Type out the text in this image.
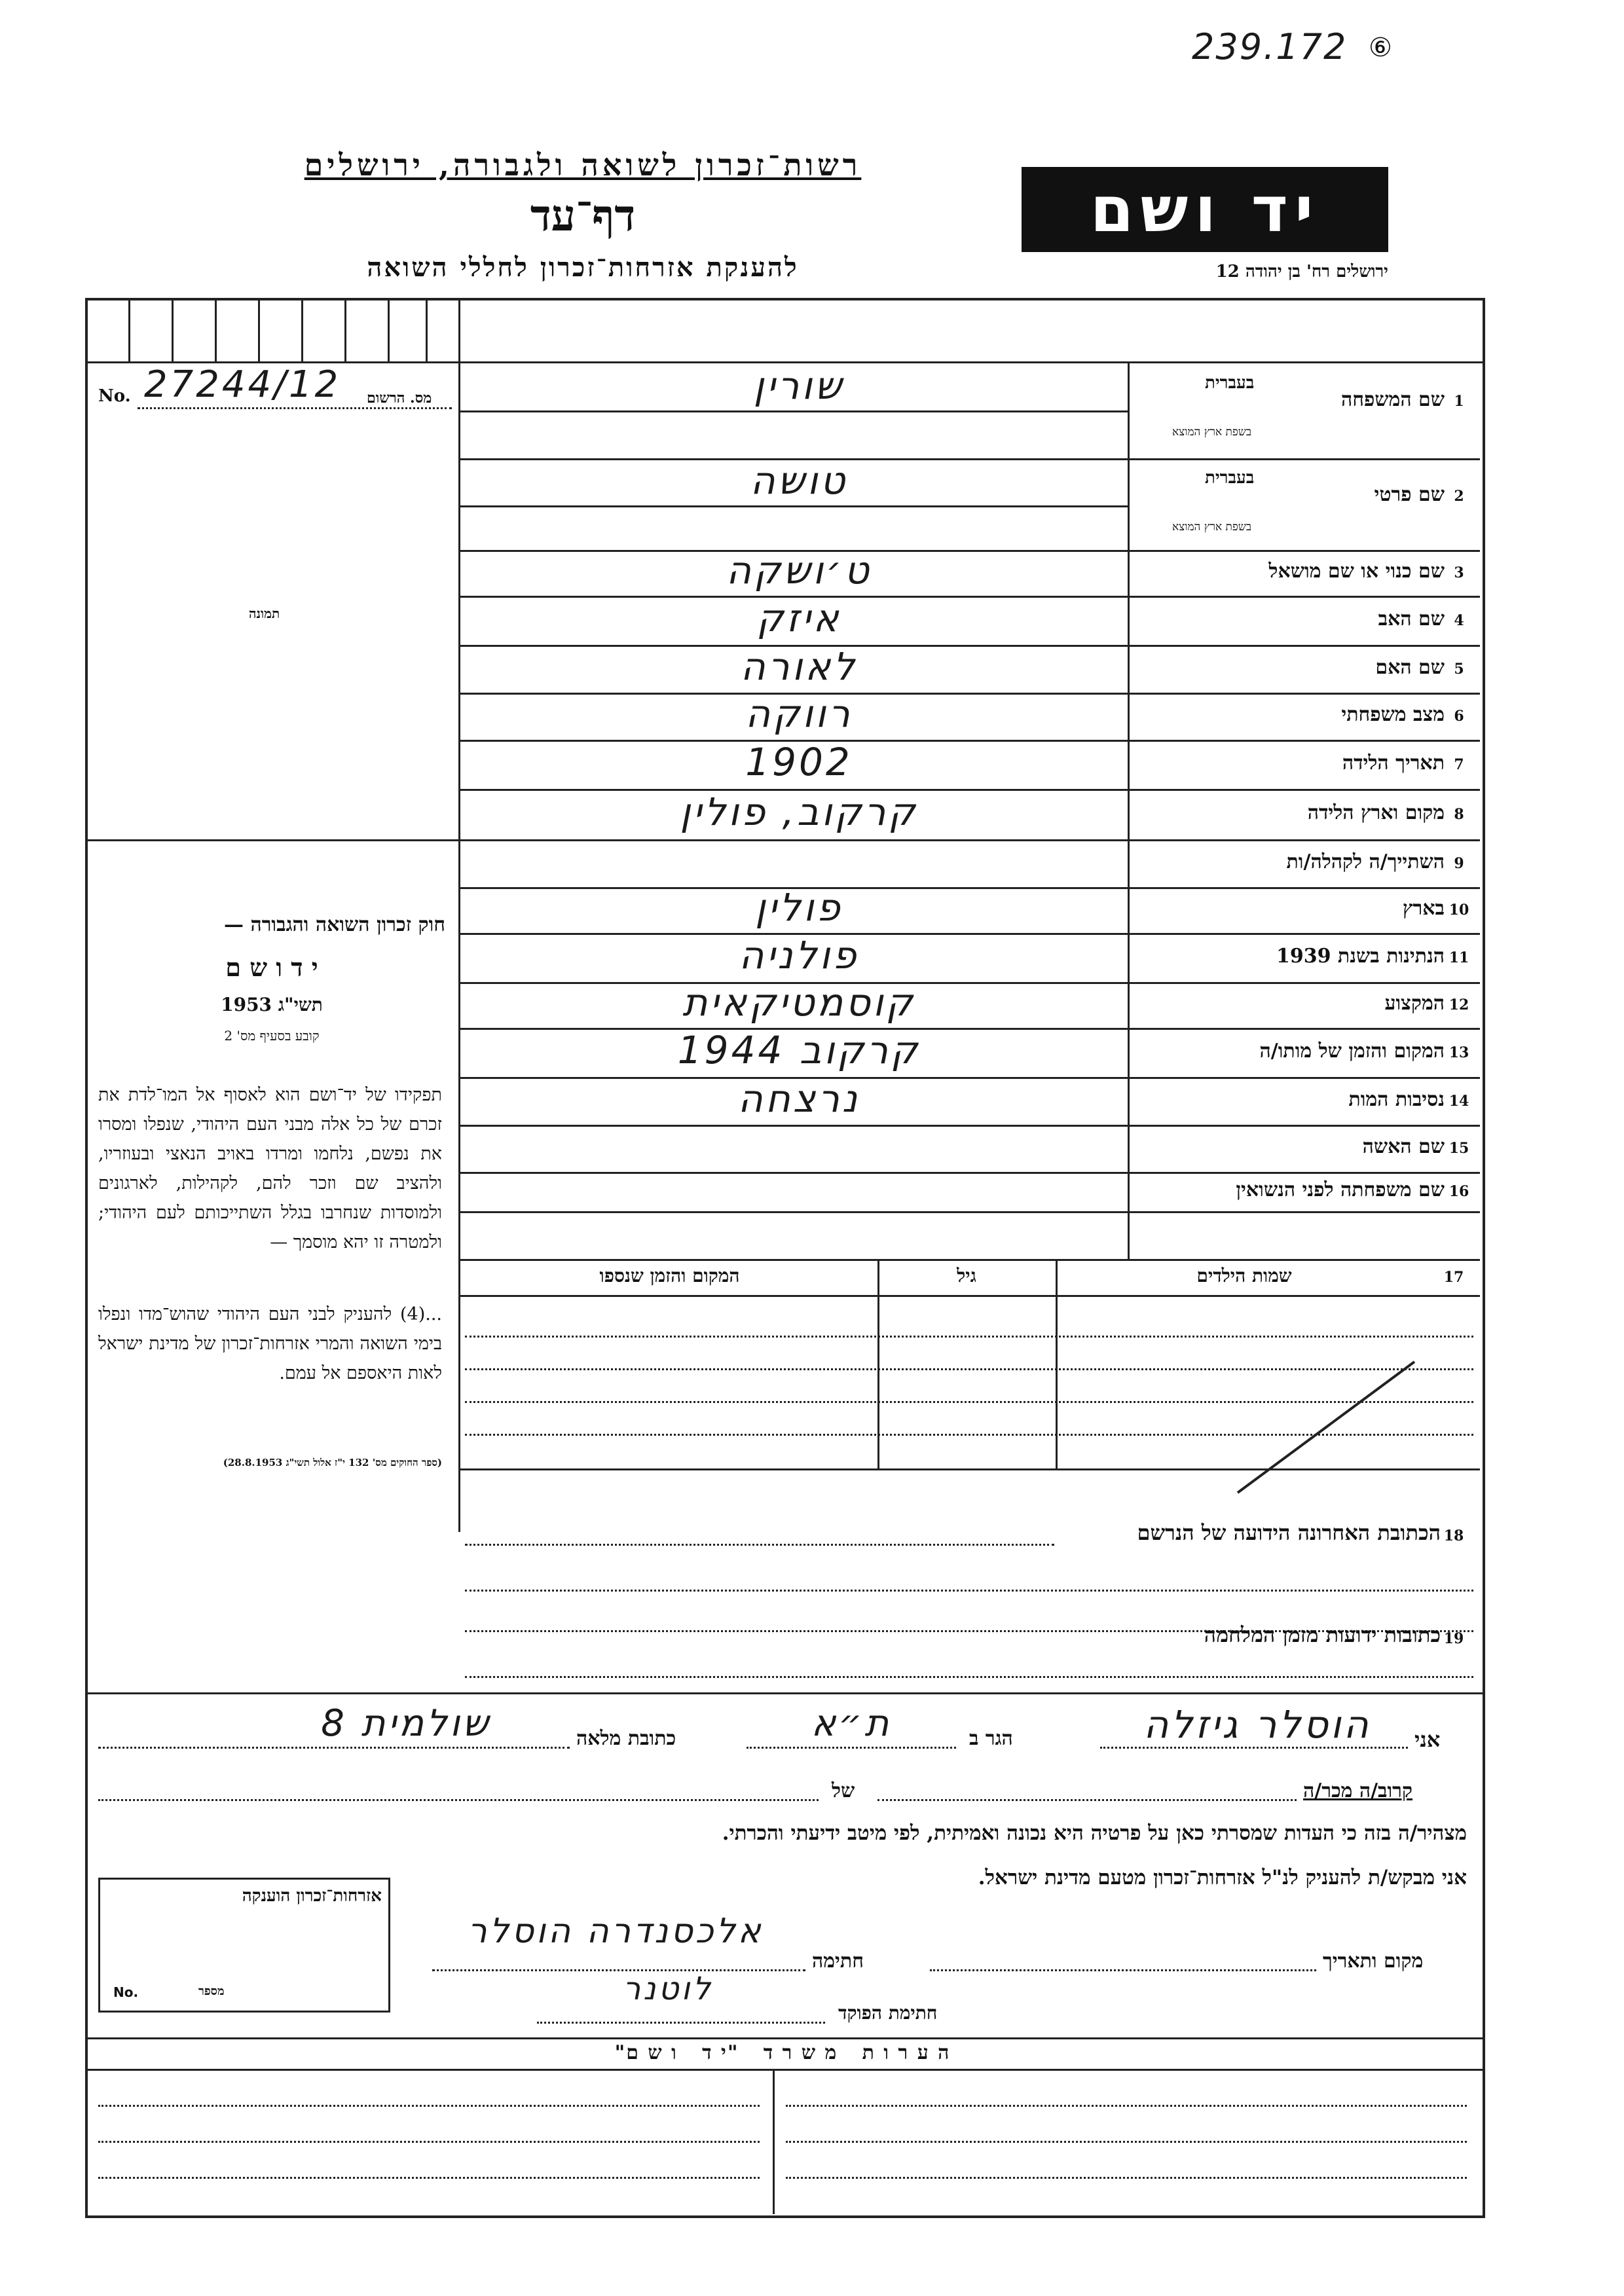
239.172 ⑥
רשות־זכרון לשואה ולגבורה, ירושלים
דף־עד
להענקת אזרחות־זכרון לחללי השואה
יד ושם
ירושלים רח' בן יהודה 12
No. 27244/12 מס. הרשום
תמונה
חוק זכרון השואה והגבורה —
י ד ו ש ם
תשי"ג 1953
קובע בסעיף מס' 2
תפקידו של יד־ושם הוא לאסוף אל המו־לדת את זכרם של כל אלה מבני העם היהודי, שנפלו ומסרו את נפשם, נלחמו ומרדו באויב הנאצי ובעוזריו, ולהציב שם וזכר להם, לקהילות, לארגונים ולמוסדות שנחרבו בגלל השתייכותם לעם היהודי; ולמטרה זו יהא מוסמך —
...(4) להעניק לבני העם היהודי שהוש־מדו ונפלו בימי השואה והמרי אזרחות־זכרון של מדינת ישראל לאות היאספם אל עמם.
(ספר החוקים מס' 132 י"ז אלול תשי"ג 28.8.1953)
1שם המשפחה
בעברית
בשפת ארץ המוצא
שורין
2שם פרטי
בעברית
בשפת ארץ המוצא
טושה
3שם כנוי או שם מושאל
ט׳ושקה
4שם האב
איזק
5שם האם
לאורה
6מצב משפחתי
רווקה
7תאריך הלידה
1902
8מקום וארץ הלידה
קרקוב, פולין
9השתייך/ה לקהלה/ות
10בארץ
פולין
11הנתינות בשנת 1939
פולניה
12המקצוע
קוסמטיקאית
13המקום והזמן של מותו/ה
קרקוב 1944
14נסיבות המות
נרצחה
15שם האשה
16שם משפחתה לפני הנשואין
17
שמות הילדים
גיל
המקום והזמן שנספו
18
הכתובת האחרונה הידועה של הנרשם
19
כתובות ידועות מזמן המלחמה
אני
הוסלר גיזלה
הגר ב
ת״א
כתובת מלאה
שולמית 8
קרוב/ה מכר/ה
של
מצהיר/ה בזה כי העדות שמסרתי כאן על פרטיה היא נכונה ואמיתית, לפי מיטב ידיעתי והכרתי.
אני מבקש/ת להעניק לנ"ל אזרחות־זכרון מטעם מדינת ישראל.
אזרחות־זכרון הוענקה
מספר
No.
מקום ותאריך
חתימה
אלכסנדרה הוסלר
חתימת הפוקד
לוטנר
ה ע ר ו ת   מ ש ר ד   "י ד   ו ש ם"
